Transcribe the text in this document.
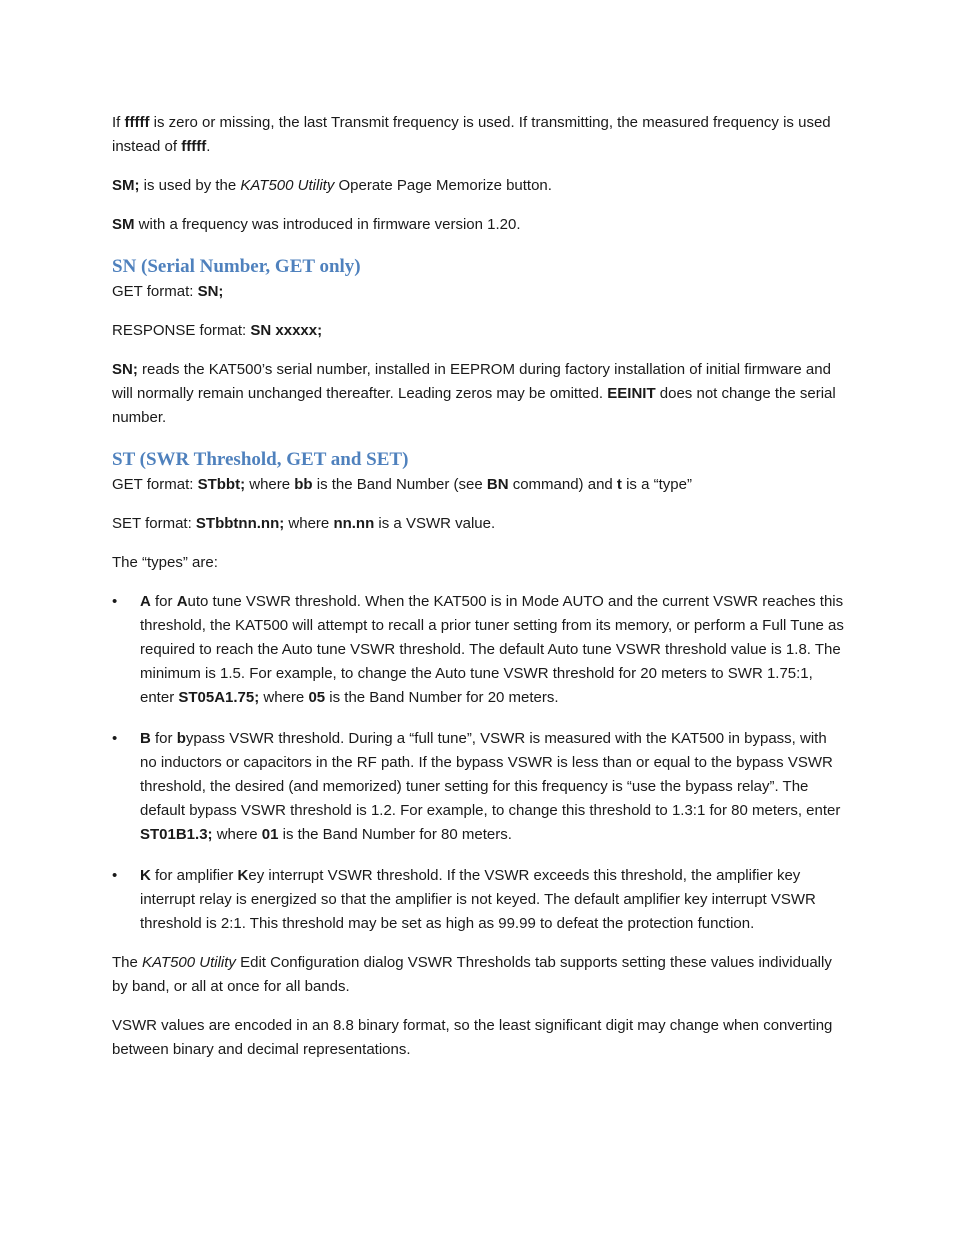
If fffff is zero or missing, the last Transmit frequency is used. If transmitting, the measured frequency is used instead of fffff.

SM; is used by the KAT500 Utility Operate Page Memorize button.

SM with a frequency was introduced in firmware version 1.20.

SN (Serial Number, GET only)

GET format: SN;

RESPONSE format: SN xxxxx;

SN; reads the KAT500’s serial number, installed in EEPROM during factory installation of initial firmware and will normally remain unchanged thereafter. Leading zeros may be omitted. EEINIT does not change the serial number.

ST (SWR Threshold, GET and SET)

GET format: STbbt; where bb is the Band Number (see BN command) and t is a “type”

SET format: STbbtnn.nn; where nn.nn is a VSWR value.

The “types” are:

• A for Auto tune VSWR threshold. When the KAT500 is in Mode AUTO and the current VSWR reaches this threshold, the KAT500 will attempt to recall a prior tuner setting from its memory, or perform a Full Tune as required to reach the Auto tune VSWR threshold. The default Auto tune VSWR threshold value is 1.8. The minimum is 1.5. For example, to change the Auto tune VSWR threshold for 20 meters to SWR 1.75:1, enter ST05A1.75; where 05 is the Band Number for 20 meters.
• B for bypass VSWR threshold. During a “full tune”, VSWR is measured with the KAT500 in bypass, with no inductors or capacitors in the RF path. If the bypass VSWR is less than or equal to the bypass VSWR threshold, the desired (and memorized) tuner setting for this frequency is “use the bypass relay”. The default bypass VSWR threshold is 1.2. For example, to change this threshold to 1.3:1 for 80 meters, enter ST01B1.3; where 01 is the Band Number for 80 meters.
• K for amplifier Key interrupt VSWR threshold. If the VSWR exceeds this threshold, the amplifier key interrupt relay is energized so that the amplifier is not keyed. The default amplifier key interrupt VSWR threshold is 2:1. This threshold may be set as high as 99.99 to defeat the protection function.

The KAT500 Utility Edit Configuration dialog VSWR Thresholds tab supports setting these values individually by band, or all at once for all bands.

VSWR values are encoded in an 8.8 binary format, so the least significant digit may change when converting between binary and decimal representations.
